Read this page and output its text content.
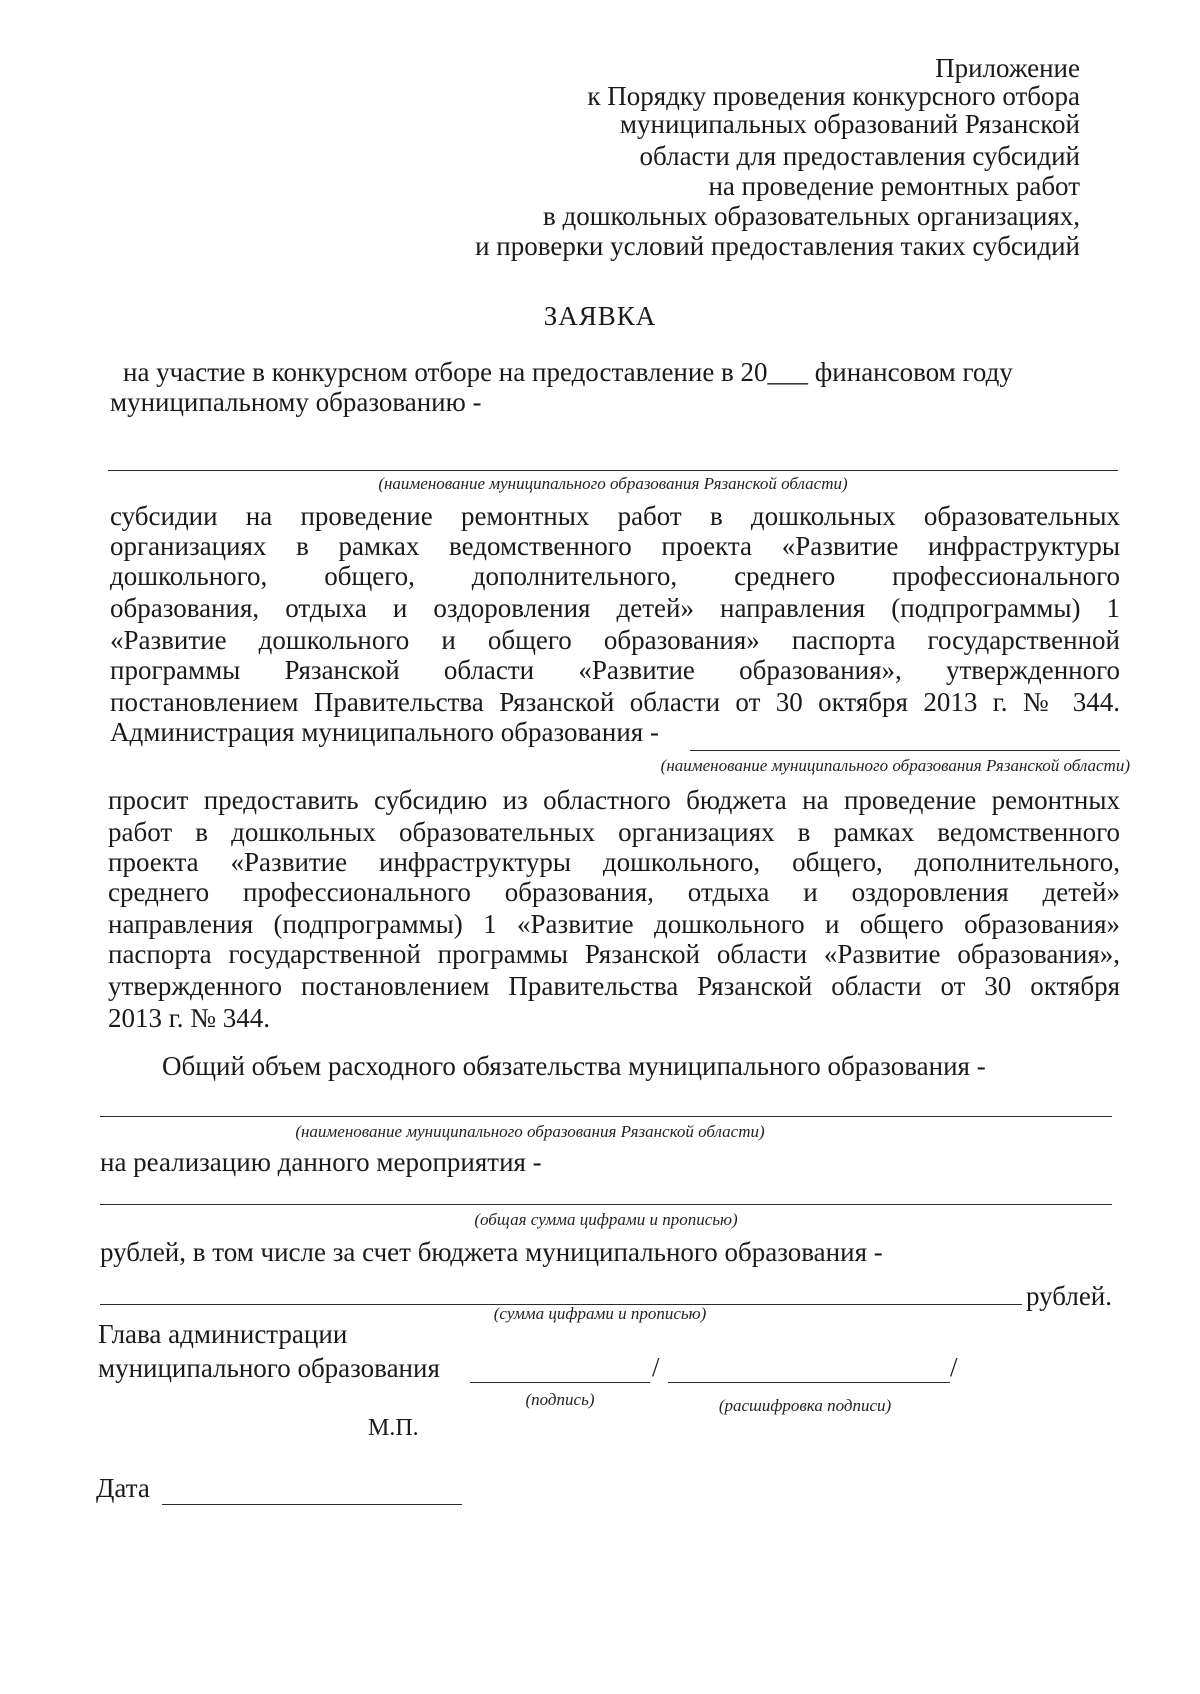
Приложение
к Порядку проведения конкурсного отбора
муниципальных образований Рязанской
области для предоставления субсидий
на проведение ремонтных работ
в дошкольных образовательных организациях,
и проверки условий предоставления таких субсидий
ЗАЯВКА
на участие в конкурсном отборе на предоставление в 20___ финансовом году
муниципальному образованию -
(наименование муниципального образования Рязанской области)
субсидии на проведение ремонтных работ в дошкольных образовательных
организациях в рамках ведомственного проекта «Развитие инфраструктуры
дошкольного, общего, дополнительного, среднего профессионального
образования, отдыха и оздоровления детей» направления (подпрограммы) 1
«Развитие дошкольного и общего образования» паспорта государственной
программы Рязанской области «Развитие образования», утвержденного
постановлением Правительства Рязанской области от 30 октября 2013 г. № 344.
Администрация муниципального образования -
(наименование муниципального образования Рязанской области)
просит предоставить субсидию из областного бюджета на проведение ремонтных
работ в дошкольных образовательных организациях в рамках ведомственного
проекта «Развитие инфраструктуры дошкольного, общего, дополнительного,
среднего профессионального образования, отдыха и оздоровления детей»
направления (подпрограммы) 1 «Развитие дошкольного и общего образования»
паспорта государственной программы Рязанской области «Развитие образования»,
утвержденного постановлением Правительства Рязанской области от 30 октября
2013 г. № 344.
Общий объем расходного обязательства муниципального образования -
(наименование муниципального образования Рязанской области)
на реализацию данного мероприятия -
(общая сумма цифрами и прописью)
рублей, в том числе за счет бюджета муниципального образования -
рублей.
(сумма цифрами и прописью)
Глава администрации
муниципального образования	/	/
(подпись)	(расшифровка подписи)
М.П.
Дата
